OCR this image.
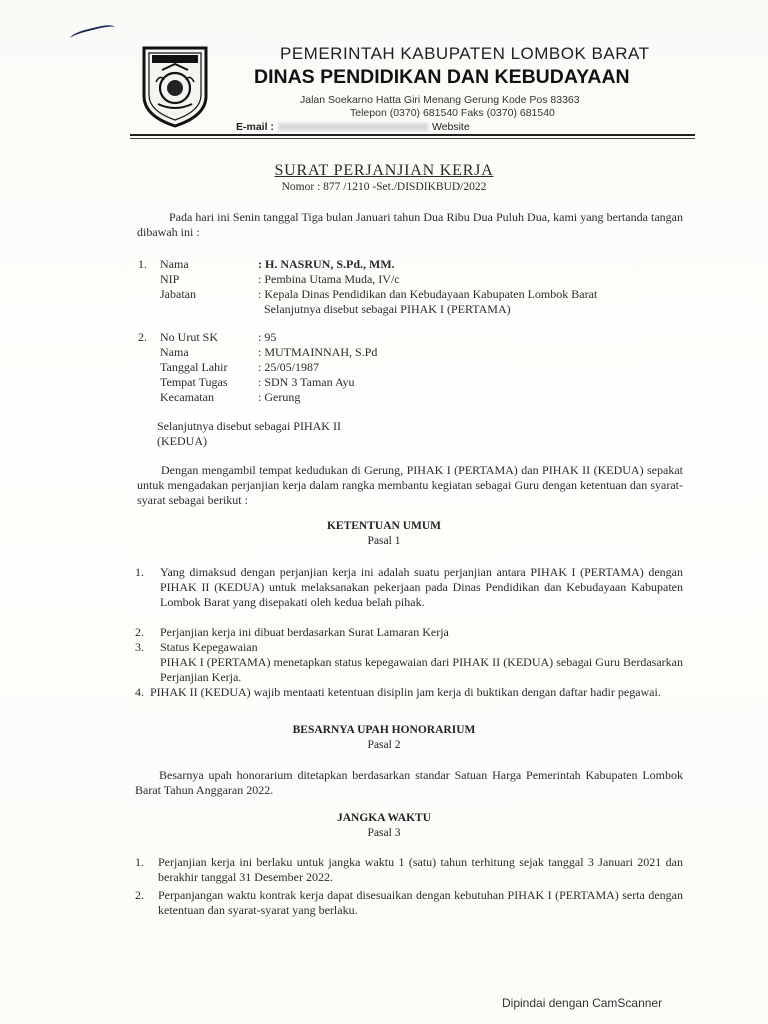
PEMERINTAH KABUPATEN LOMBOK BARAT
DINAS PENDIDIKAN DAN KEBUDAYAAN
Jalan Soekarno Hatta Giri Menang Gerung Kode Pos 83363
Telepon (0370) 681540 Faks (0370) 681540
E-mail :	Website
SURAT PERJANJIAN KERJA
Nomor : 877 /1210 -Set./DISDIKBUD/2022
Pada hari ini Senin tanggal Tiga bulan Januari tahun Dua Ribu Dua Puluh Dua, kami yang bertanda tangan dibawah ini :
1. Nama	: H. NASRUN, S.Pd., MM.
NIP	: Pembina Utama Muda, IV/c
Jabatan	: Kepala Dinas Pendidikan dan Kebudayaan Kabupaten Lombok Barat
Selanjutnya disebut sebagai PIHAK I (PERTAMA)
2. No Urut SK	: 95
Nama	: MUTMAINNAH, S.Pd
Tanggal Lahir	: 25/05/1987
Tempat Tugas	: SDN 3 Taman Ayu
Kecamatan	: Gerung
Selanjutnya disebut sebagai PIHAK II
(KEDUA)
Dengan mengambil tempat kedudukan di Gerung, PIHAK I (PERTAMA) dan PIHAK II (KEDUA) sepakat untuk mengadakan perjanjian kerja dalam rangka membantu kegiatan sebagai Guru dengan ketentuan dan syarat-syarat sebagai berikut :
KETENTUAN UMUM
Pasal 1
1. Yang dimaksud dengan perjanjian kerja ini adalah suatu perjanjian antara PIHAK I (PERTAMA) dengan PIHAK II (KEDUA) untuk melaksanakan pekerjaan pada Dinas Pendidikan dan Kebudayaan Kabupaten Lombok Barat yang disepakati oleh kedua belah pihak.
2. Perjanjian kerja ini dibuat berdasarkan Surat Lamaran Kerja
3. Status Kepegawaian
PIHAK I (PERTAMA) menetapkan status kepegawaian dari PIHAK II (KEDUA) sebagai Guru Berdasarkan Perjanjian Kerja.
4. PIHAK II (KEDUA) wajib mentaati ketentuan disiplin jam kerja di buktikan dengan daftar hadir pegawai.
BESARNYA UPAH HONORARIUM
Pasal 2
Besarnya upah honorarium ditetapkan berdasarkan standar Satuan Harga Pemerintah Kabupaten Lombok Barat Tahun Anggaran 2022.
JANGKA WAKTU
Pasal 3
1. Perjanjian kerja ini berlaku untuk jangka waktu 1 (satu) tahun terhitung sejak tanggal 3 Januari 2021 dan berakhir tanggal 31 Desember 2022.
2. Perpanjangan waktu kontrak kerja dapat disesuaikan dengan kebutuhan PIHAK I (PERTAMA) serta dengan ketentuan dan syarat-syarat yang berlaku.
Dipindai dengan CamScanner
